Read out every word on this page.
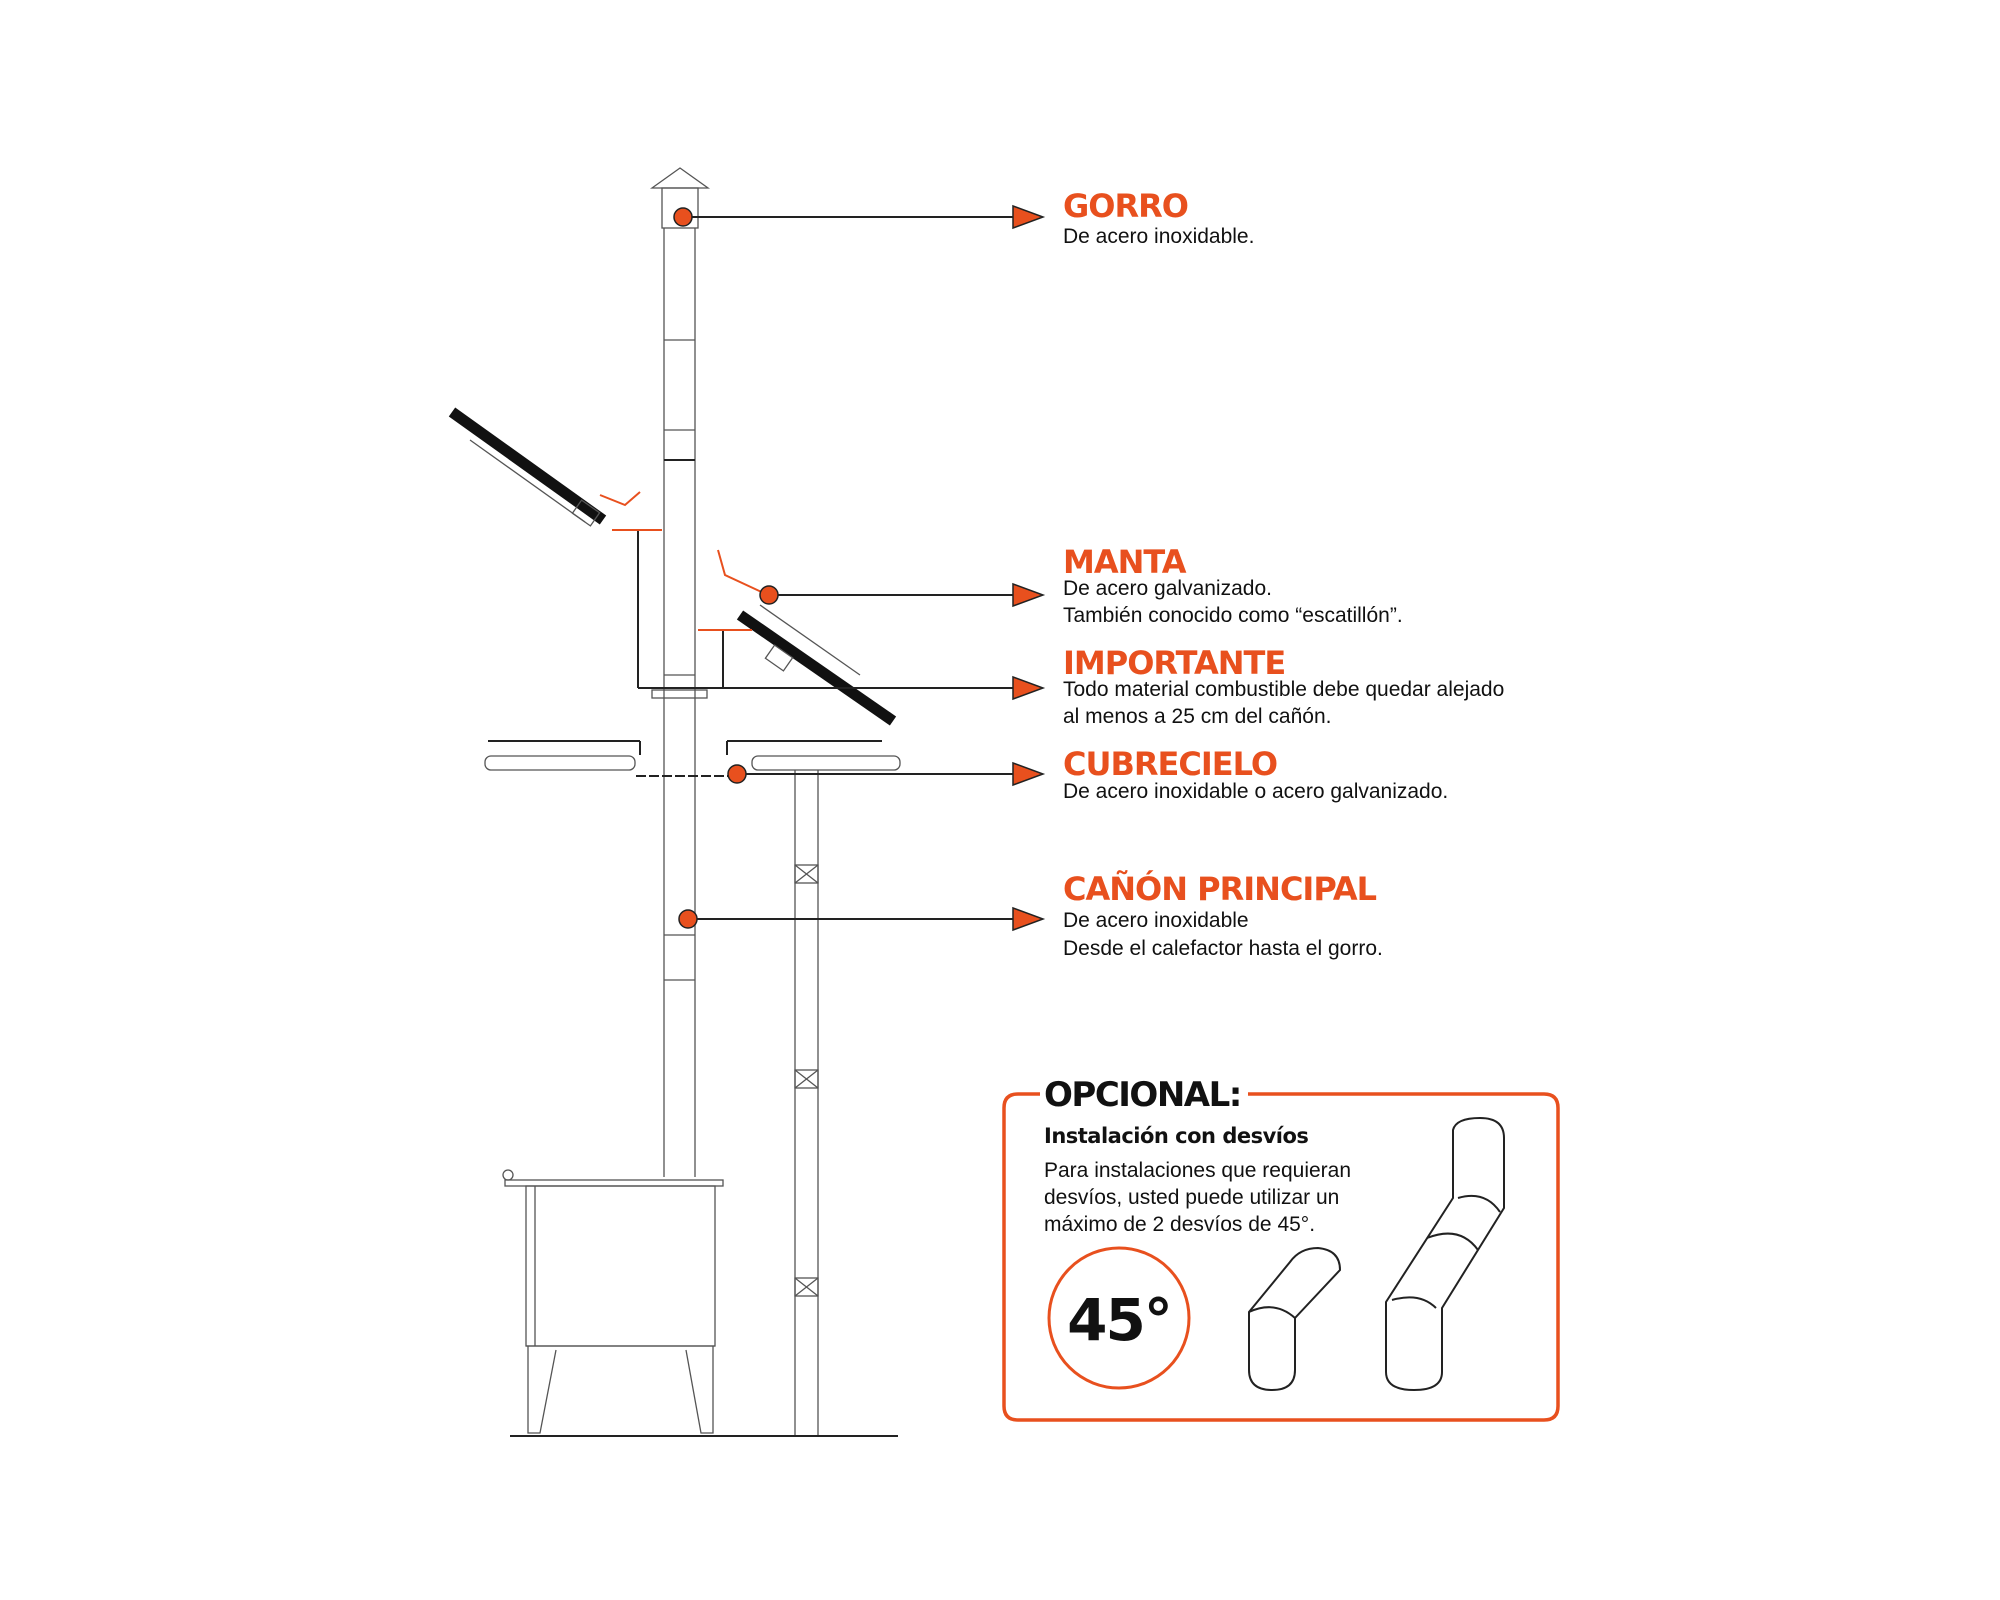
GORRO
De acero inoxidable.
MANTA
De acero galvanizado.
También conocido como “escatillón”.
IMPORTANTE
Todo material combustible debe quedar alejado
al menos a 25 cm del cañón.
CUBRECIELO
De acero inoxidable o acero galvanizado.
CAÑÓN PRINCIPAL
De acero inoxidable
Desde el calefactor hasta el gorro.
OPCIONAL:
Instalación con desvíos
Para instalaciones que requieran
desvíos, usted puede utilizar un
máximo de 2 desvíos de 45°.
45°
